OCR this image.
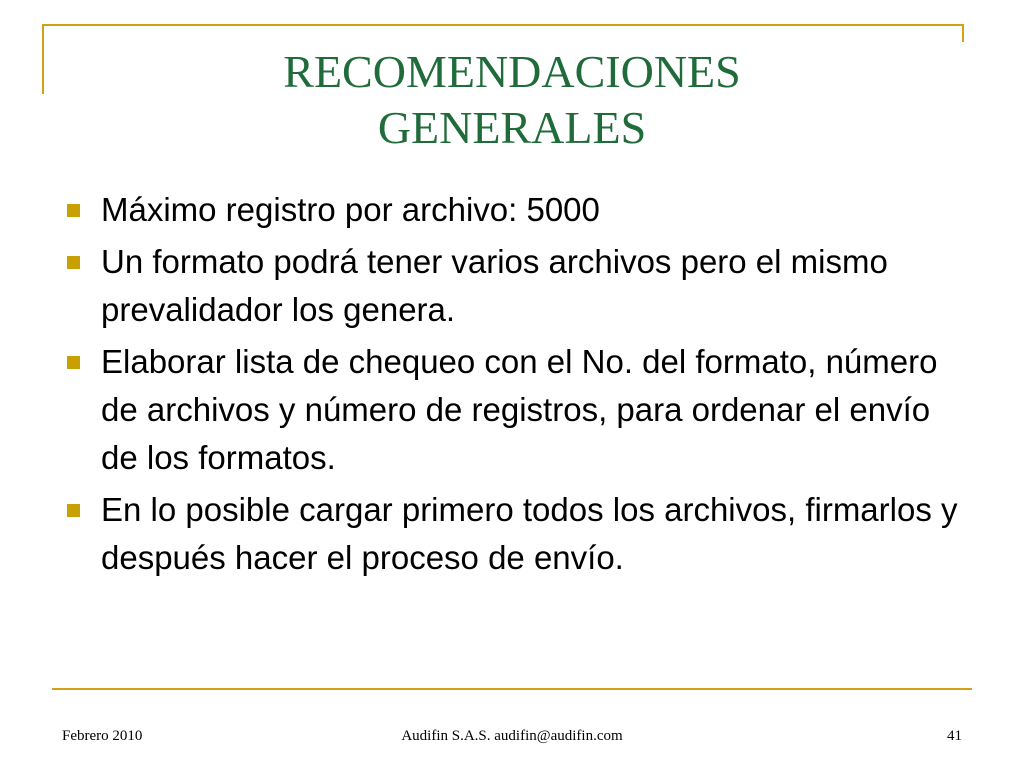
RECOMENDACIONES
GENERALES
Máximo registro por archivo: 5000
Un formato podrá tener varios archivos pero el mismo prevalidador los genera.
Elaborar lista de chequeo con el No. del formato, número de archivos y número de registros, para ordenar el envío de los formatos.
En lo posible cargar primero todos los archivos, firmarlos y después hacer el proceso de envío.
Febrero 2010	Audifin S.A.S. audifin@audifin.com	41
